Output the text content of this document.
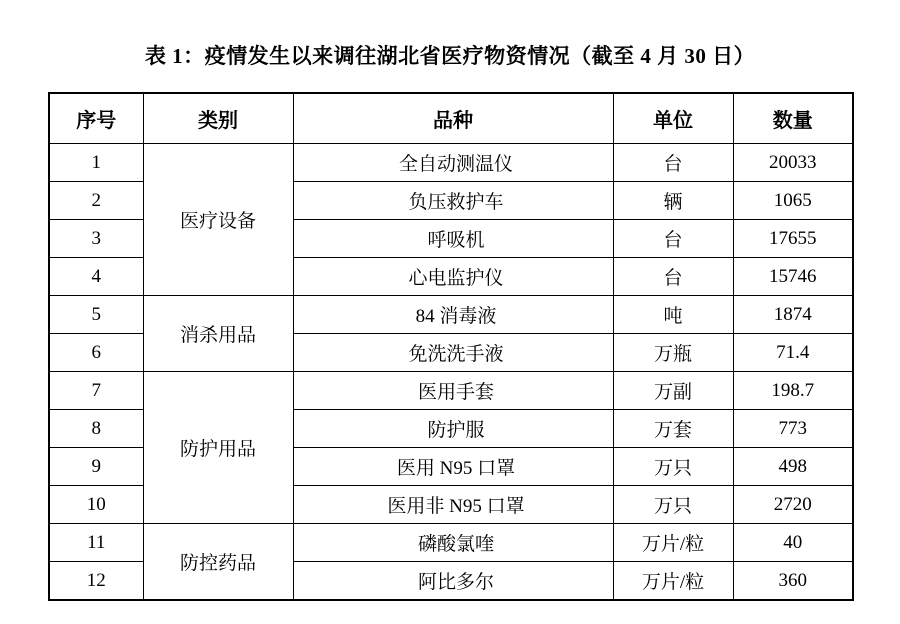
表 1：疫情发生以来调往湖北省医疗物资情况（截至 4 月 30 日）
序号	类别	品种	单位	数量
1	医疗设备	全自动测温仪	台	20033
2		负压救护车	辆	1065
3		呼吸机	台	17655
4		心电监护仪	台	15746
5	消杀用品	84 消毒液	吨	1874
6		免洗洗手液	万瓶	71.4
7	防护用品	医用手套	万副	198.7
8		防护服	万套	773
9		医用 N95 口罩	万只	498
10		医用非 N95 口罩	万只	2720
11	防控药品	磷酸氯喹	万片/粒	40
12		阿比多尔	万片/粒	360
